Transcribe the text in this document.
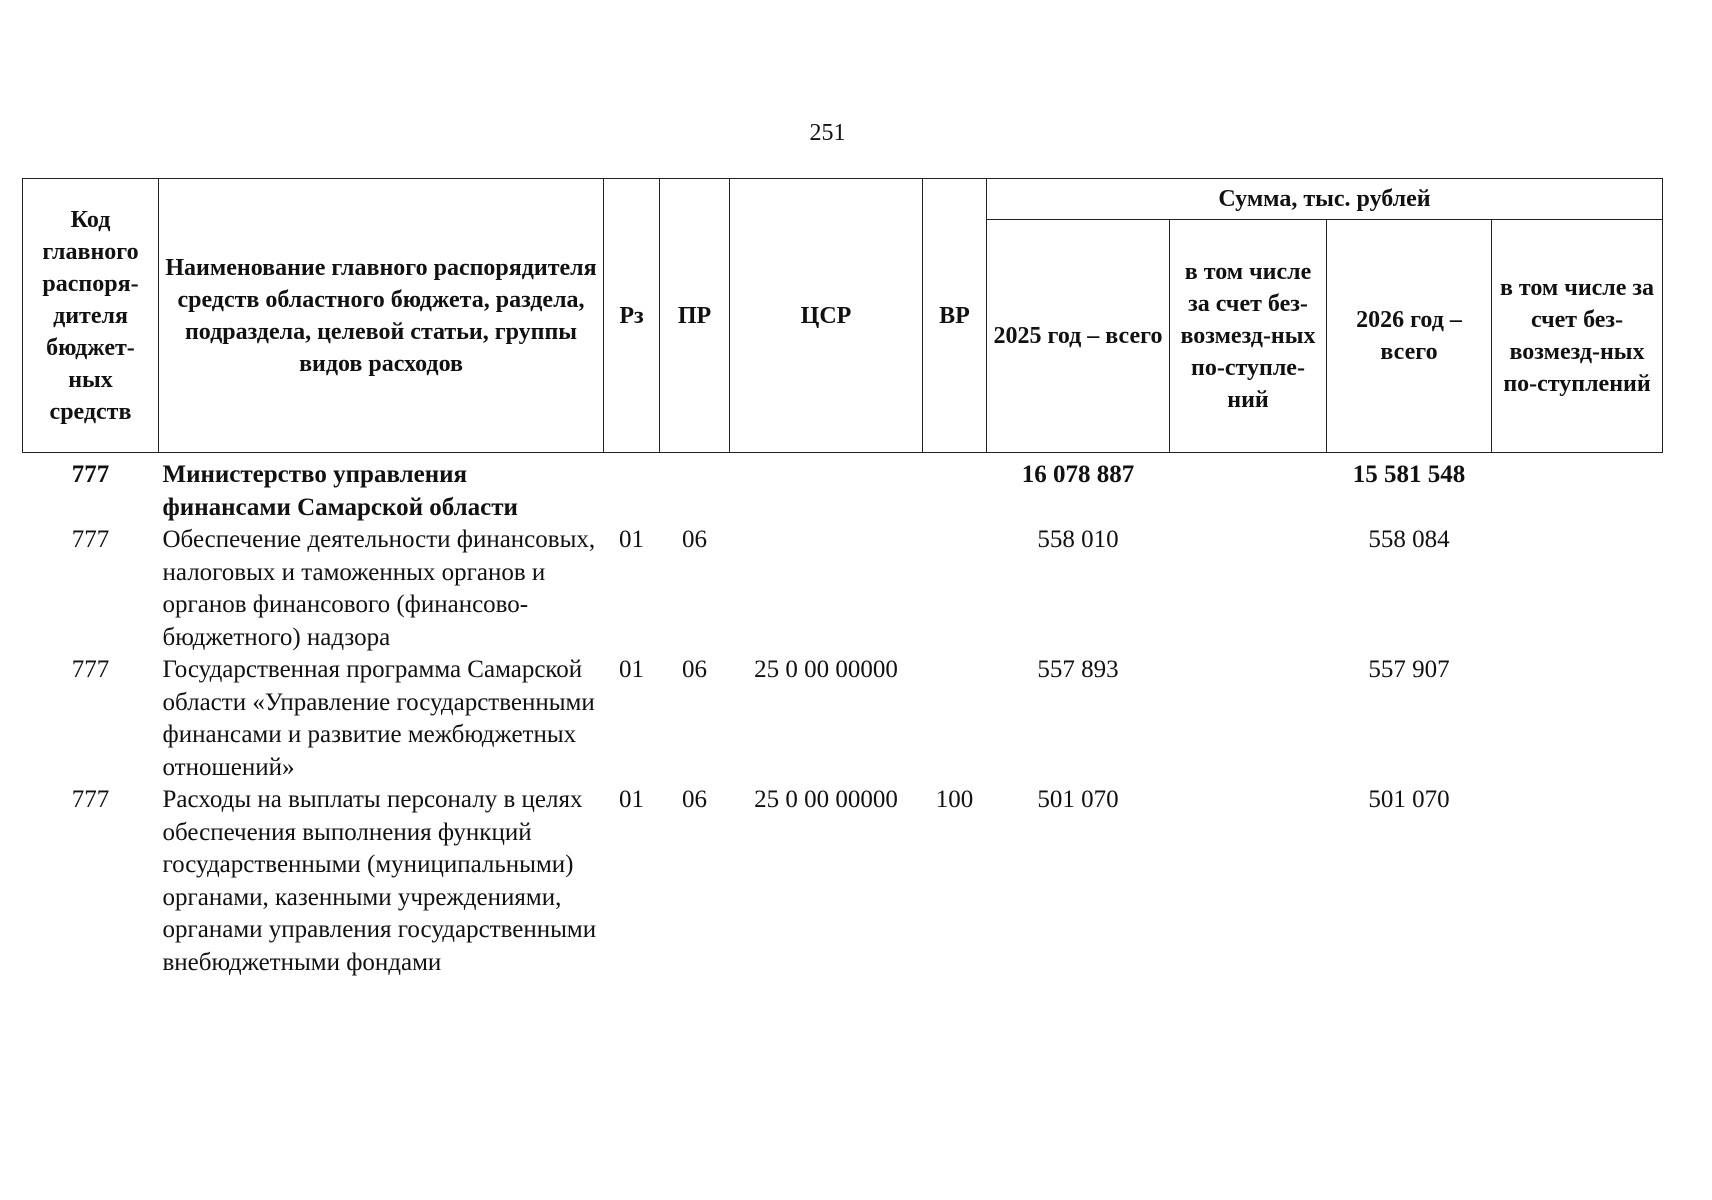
251
Код главного распоря-дителя бюджет-ных средств	Наименование главного распорядителя средств областного бюджета, раздела, подраздела, целевой статьи, группы видов расходов	Рз	ПР	ЦСР	ВР	Сумма, тыс. рублей			
						2025 год – всего	в том числе за счет без-возмезд-ных по-ступле-ний	2026 год – всего	в том числе за счет без-возмезд-ных по-ступлений
777	Министерство управления финансами Самарской области					16 078 887		15 581 548	
777	Обеспечение деятельности финансовых, налоговых и таможенных органов и органов финансового (финансово-бюджетного) надзора	01	06			558 010		558 084	
777	Государственная программа Самарской области «Управление государственными финансами и развитие межбюджетных отношений»	01	06	25 0 00 00000		557 893		557 907	
777	Расходы на выплаты персоналу в целях обеспечения выполнения функций государственными (муниципальными) органами, казенными учреждениями, органами управления государственными внебюджетными фондами	01	06	25 0 00 00000	100	501 070		501 070	
